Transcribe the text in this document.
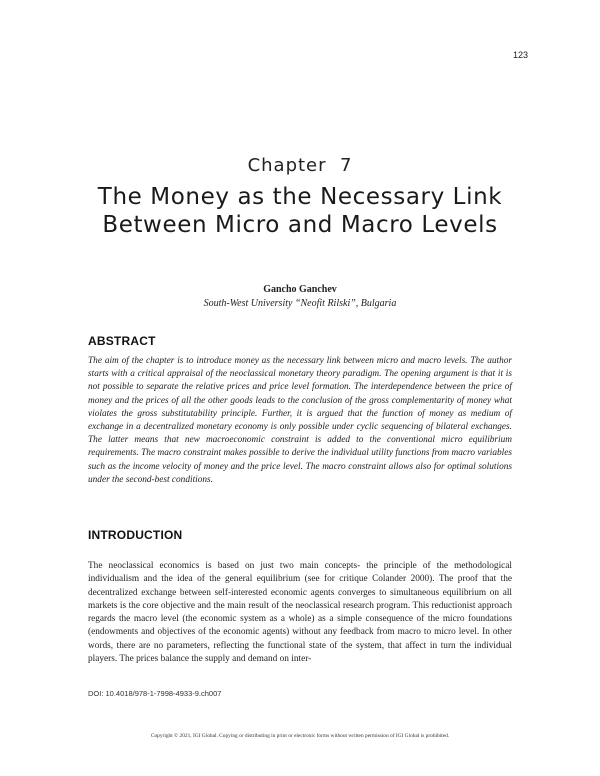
123
Chapter  7
The Money as the Necessary Link Between Micro and Macro Levels
Gancho Ganchev
South-West University “Neofit Rilski”, Bulgaria
ABSTRACT
The aim of the chapter is to introduce money as the necessary link between micro and macro levels. The author starts with a critical appraisal of the neoclassical monetary theory paradigm. The opening argument is that it is not possible to separate the relative prices and price level formation. The interdependence between the price of money and the prices of all the other goods leads to the conclusion of the gross complementarity of money what violates the gross substitutability principle. Further, it is argued that the function of money as medium of exchange in a decentralized monetary economy is only possible under cyclic sequencing of bilateral exchanges. The latter means that new macroeconomic constraint is added to the conventional micro equilibrium requirements. The macro constraint makes possible to derive the individual utility functions from macro variables such as the income velocity of money and the price level. The macro constraint allows also for optimal solutions under the second-best conditions.
INTRODUCTION
The neoclassical economics is based on just two main concepts- the principle of the methodological individualism and the idea of the general equilibrium (see for critique Colander 2000). The proof that the decentralized exchange between self-interested economic agents converges to simultaneous equilibrium on all markets is the core objective and the main result of the neoclassical research program. This reductionist approach regards the macro level (the economic system as a whole) as a simple consequence of the micro foundations (endowments and objectives of the economic agents) without any feedback from macro to micro level. In other words, there are no parameters, reflecting the functional state of the system, that affect in turn the individual players. The prices balance the supply and demand on inter-
DOI: 10.4018/978-1-7998-4933-9.ch007
Copyright © 2021, IGI Global. Copying or distributing in print or electronic forms without written permission of IGI Global is prohibited.
